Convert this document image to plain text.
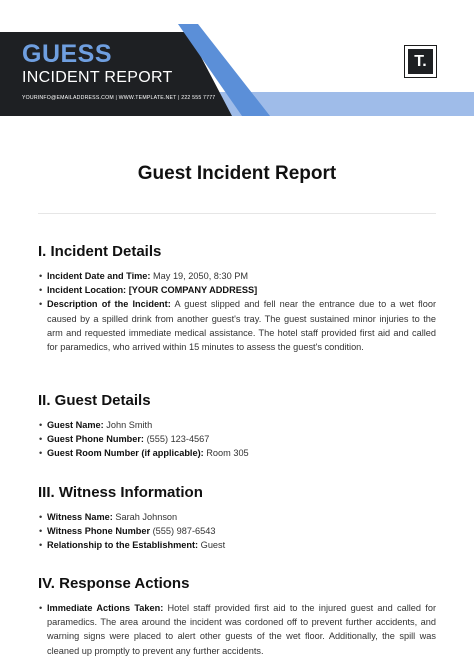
GUESS
INCIDENT REPORT
YOURINFO@EMAILADDRESS.COM | WWW.TEMPLATE.NET | 222 555 7777
T.
Guest Incident Report
I. Incident Details
• Incident Date and Time: May 19, 2050, 8:30 PM
• Incident Location: [YOUR COMPANY ADDRESS]
• Description of the Incident: A guest slipped and fell near the entrance due to a wet floor caused by a spilled drink from another guest's tray. The guest sustained minor injuries to the arm and requested immediate medical assistance. The hotel staff provided first aid and called for paramedics, who arrived within 15 minutes to assess the guest's condition.
II. Guest Details
• Guest Name: John Smith
• Guest Phone Number: (555) 123-4567
• Guest Room Number (if applicable): Room 305
III. Witness Information
• Witness Name: Sarah Johnson
• Witness Phone Number (555) 987-6543
• Relationship to the Establishment: Guest
IV. Response Actions
• Immediate Actions Taken: Hotel staff provided first aid to the injured guest and called for paramedics. The area around the incident was cordoned off to prevent further accidents, and warning signs were placed to alert other guests of the wet floor. Additionally, the spill was cleaned up promptly to prevent any further accidents.
